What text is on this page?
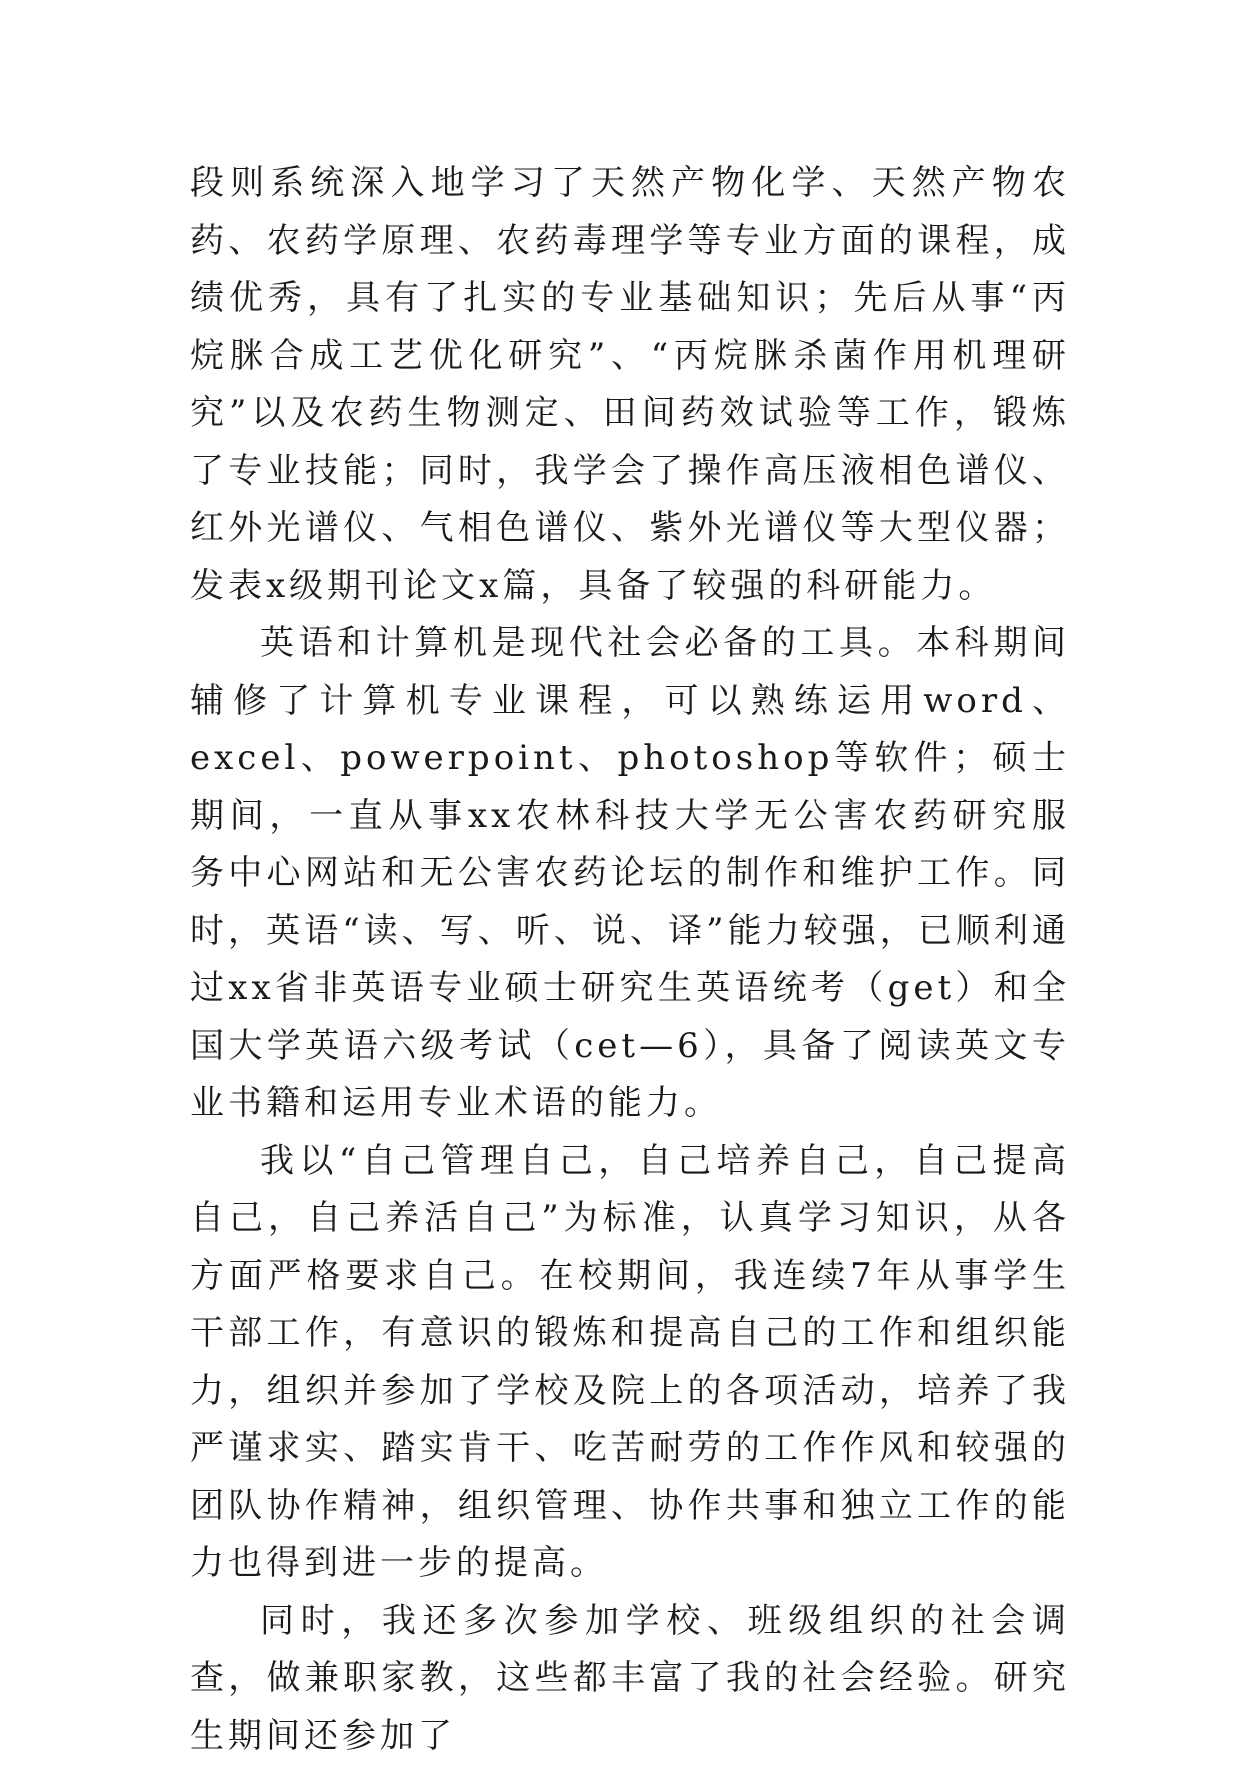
段则系统深入地学习了天然产物化学、天然产物农药、农药学原理、农药毒理学等专业方面的课程，成绩优秀，具有了扎实的专业基础知识；先后从事“丙烷脒合成工艺优化研究”、“丙烷脒杀菌作用机理研究”以及农药生物测定、田间药效试验等工作，锻炼了专业技能；同时，我学会了操作高压液相色谱仪、红外光谱仪、气相色谱仪、紫外光谱仪等大型仪器；发表x级期刊论文x篇，具备了较强的科研能力。

英语和计算机是现代社会必备的工具。本科期间辅修了计算机专业课程，可以熟练运用word、excel、powerpoint、photoshop等软件；硕士期间，一直从事xx农林科技大学无公害农药研究服务中心网站和无公害农药论坛的制作和维护工作。同时，英语“读、写、听、说、译”能力较强，已顺利通过xx省非英语专业硕士研究生英语统考（get）和全国大学英语六级考试（cet—6），具备了阅读英文专业书籍和运用专业术语的能力。

我以“自己管理自己，自己培养自己，自己提高自己，自己养活自己”为标准，认真学习知识，从各方面严格要求自己。在校期间，我连续7年从事学生干部工作，有意识的锻炼和提高自己的工作和组织能力，组织并参加了学校及院上的各项活动，培养了我严谨求实、踏实肯干、吃苦耐劳的工作作风和较强的团队协作精神，组织管理、协作共事和独立工作的能力也得到进一步的提高。

同时，我还多次参加学校、班级组织的社会调查，做兼职家教，这些都丰富了我的社会经验。研究生期间还参加了
